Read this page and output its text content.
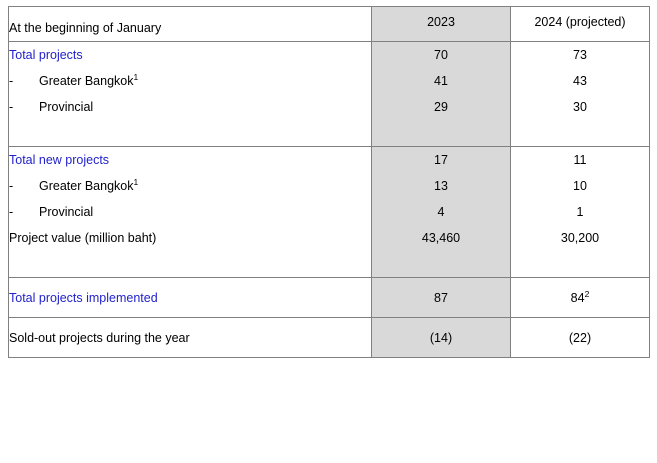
At the beginning of January	2023	2024 (projected)
Total projects	70	73

- Greater Bangkok$^1$	41	43

- Provincial	29	30

Total new projects	17	11

- Greater Bangkok$^1$	13	10

- Provincial	4	1
Project value (million baht)	43,460	30,200

Total projects implemented	87	$84^2$
Sold-out projects during the year	(14)	(22)
